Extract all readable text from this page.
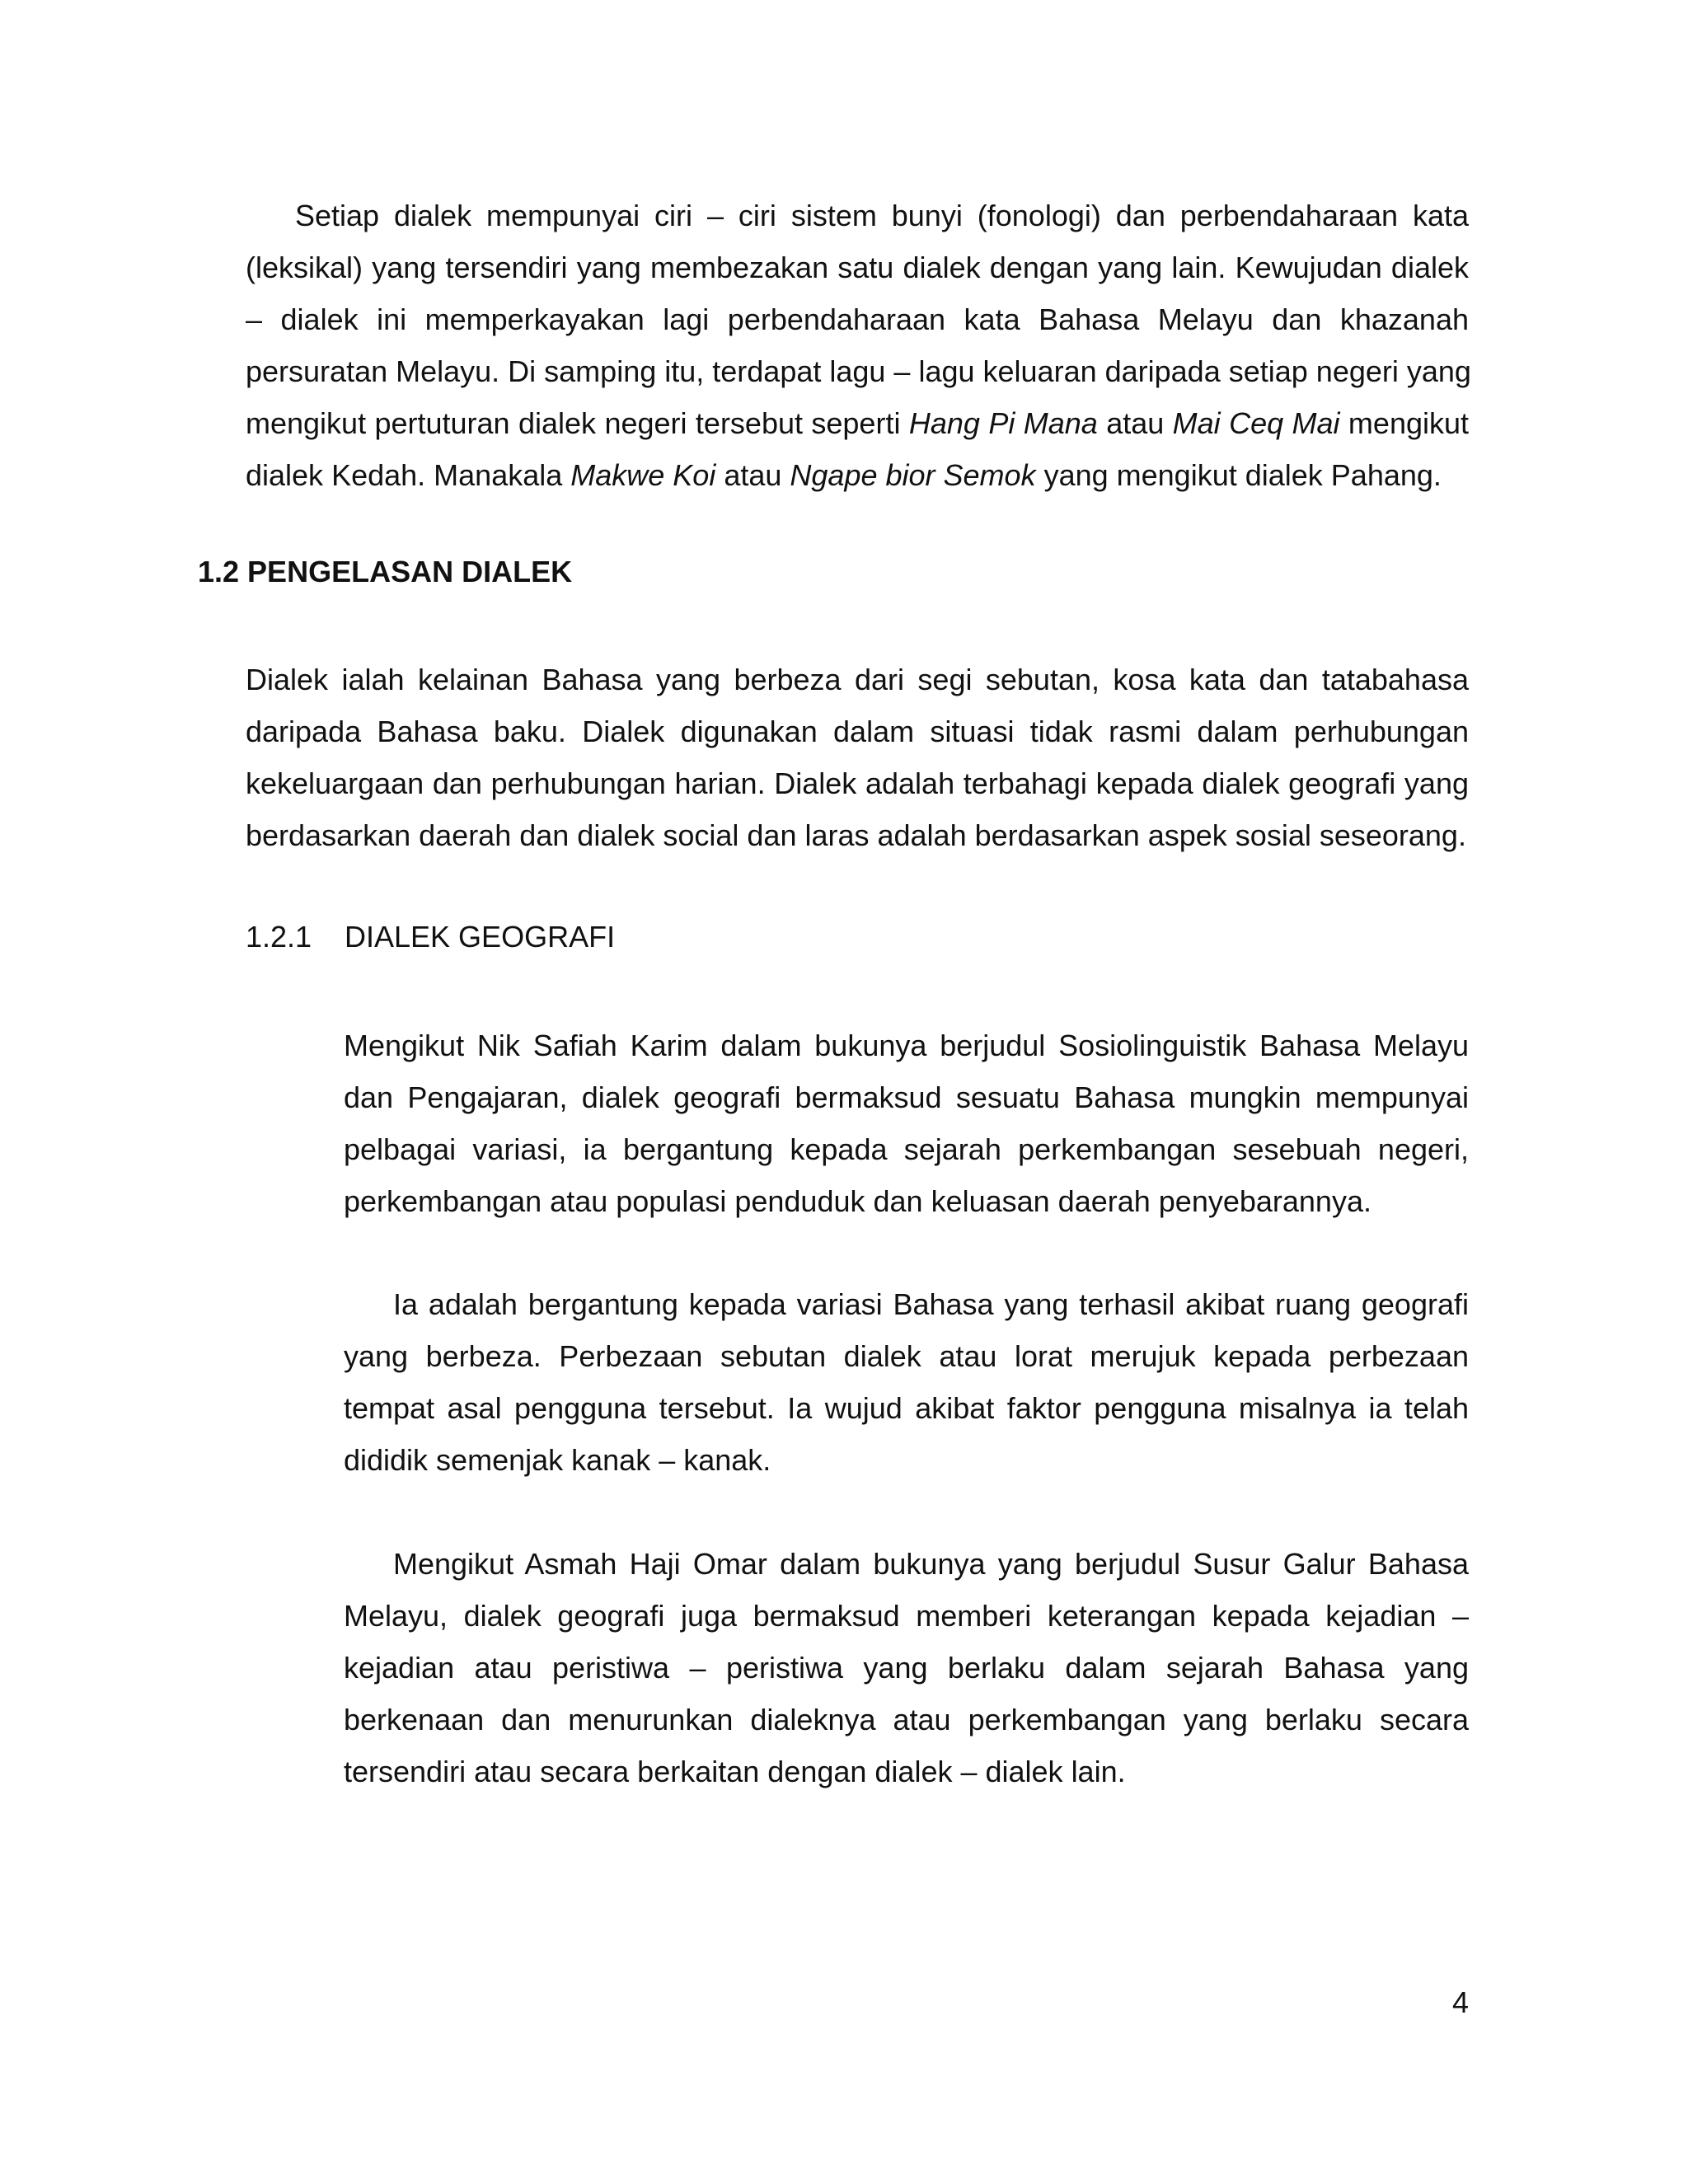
Setiap dialek mempunyai ciri – ciri sistem bunyi (fonologi) dan perbendaharaan kata
(leksikal) yang tersendiri yang membezakan satu dialek dengan yang lain. Kewujudan dialek
– dialek ini memperkayakan lagi perbendaharaan kata Bahasa Melayu dan khazanah
persuratan Melayu. Di samping itu, terdapat lagu – lagu keluaran daripada setiap negeri yang
mengikut pertuturan dialek negeri tersebut seperti Hang Pi Mana atau Mai Ceq Mai mengikut
dialek Kedah. Manakala Makwe Koi atau Ngape bior Semok yang mengikut dialek Pahang.
1.2 PENGELASAN DIALEK
Dialek ialah kelainan Bahasa yang berbeza dari segi sebutan, kosa kata dan tatabahasa
daripada Bahasa baku. Dialek digunakan dalam situasi tidak rasmi dalam perhubungan
kekeluargaan dan perhubungan harian. Dialek adalah terbahagi kepada dialek geografi yang
berdasarkan daerah dan dialek social dan laras adalah berdasarkan aspek sosial seseorang.
1.2.1 DIALEK GEOGRAFI
Mengikut Nik Safiah Karim dalam bukunya berjudul Sosiolinguistik Bahasa Melayu
dan Pengajaran, dialek geografi bermaksud sesuatu Bahasa mungkin mempunyai
pelbagai variasi, ia bergantung kepada sejarah perkembangan sesebuah negeri,
perkembangan atau populasi penduduk dan keluasan daerah penyebarannya.
Ia adalah bergantung kepada variasi Bahasa yang terhasil akibat ruang geografi
yang berbeza. Perbezaan sebutan dialek atau lorat merujuk kepada perbezaan
tempat asal pengguna tersebut. Ia wujud akibat faktor pengguna misalnya ia telah
dididik semenjak kanak – kanak.
Mengikut Asmah Haji Omar dalam bukunya yang berjudul Susur Galur Bahasa
Melayu, dialek geografi juga bermaksud memberi keterangan kepada kejadian –
kejadian atau peristiwa – peristiwa yang berlaku dalam sejarah Bahasa yang
berkenaan dan menurunkan dialeknya atau perkembangan yang berlaku secara
tersendiri atau secara berkaitan dengan dialek – dialek lain.
4
